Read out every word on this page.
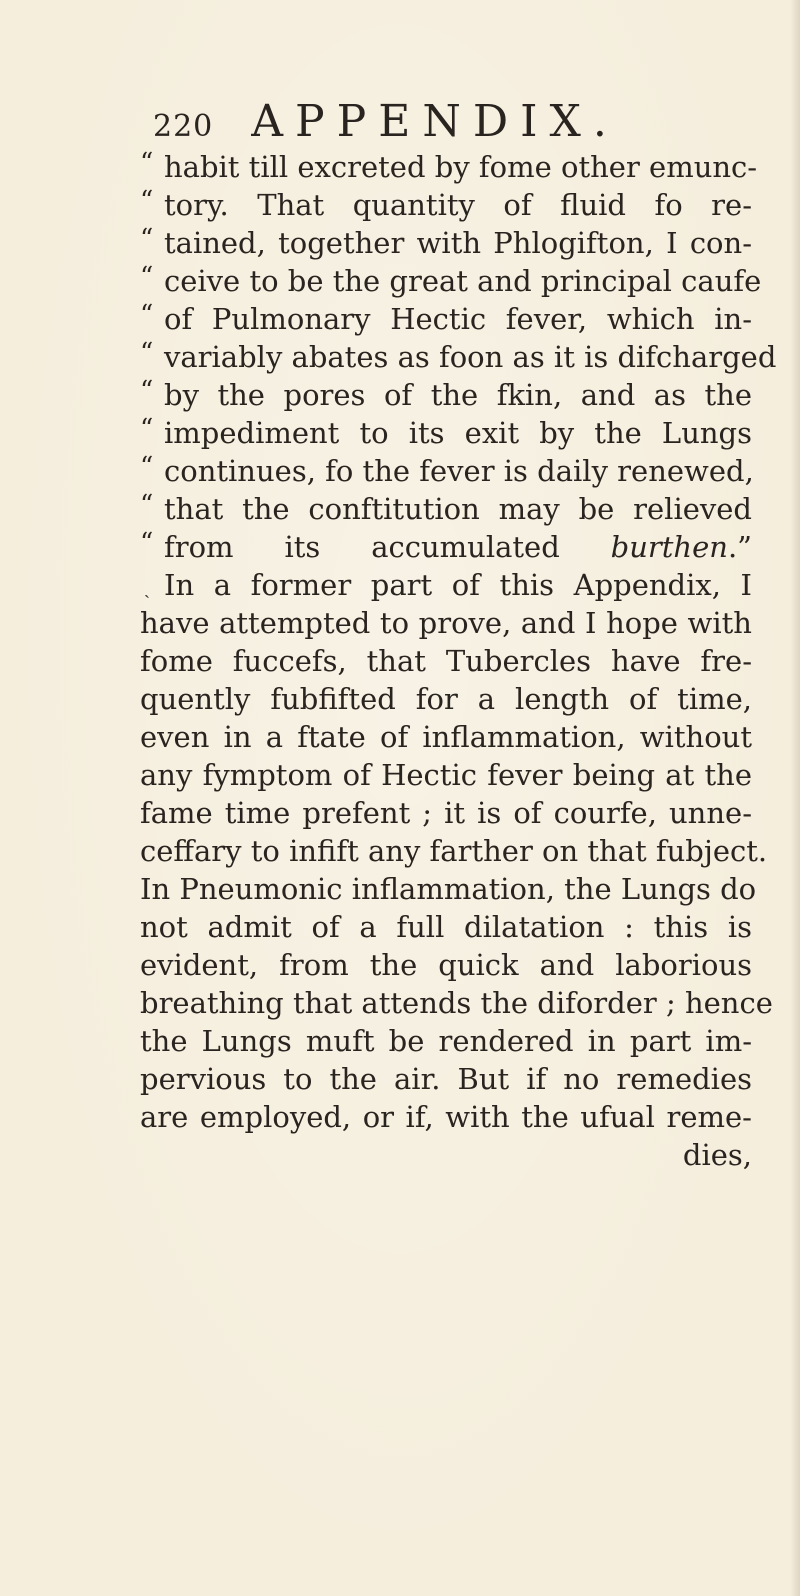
220 APPENDIX.
“ habit till excreted by fome other emunc-
“ tory. That quantity of fluid fo re-
“ tained, together with Phlogifton, I con-
“ ceive to be the great and principal caufe
“ of Pulmonary Hectic fever, which in-
“ variably abates as foon as it is difcharged
“ by the pores of the fkin, and as the
“ impediment to its exit by the Lungs
“ continues, fo the fever is daily renewed,
“ that the conftitution may be relieved
“ from its accumulated burthen.”
ˎ In a former part of this Appendix, I
have attempted to prove, and I hope with
fome fuccefs, that Tubercles have fre-
quently fubfifted for a length of time,
even in a ftate of inflammation, without
any fymptom of Hectic fever being at the
fame time prefent ; it is of courfe, unne-
ceffary to infift any farther on that fubject.
In Pneumonic inflammation, the Lungs do
not admit of a full dilatation : this is
evident, from the quick and laborious
breathing that attends the diforder ; hence
the Lungs muft be rendered in part im-
pervious to the air. But if no remedies
are employed, or if, with the ufual reme-
dies,
